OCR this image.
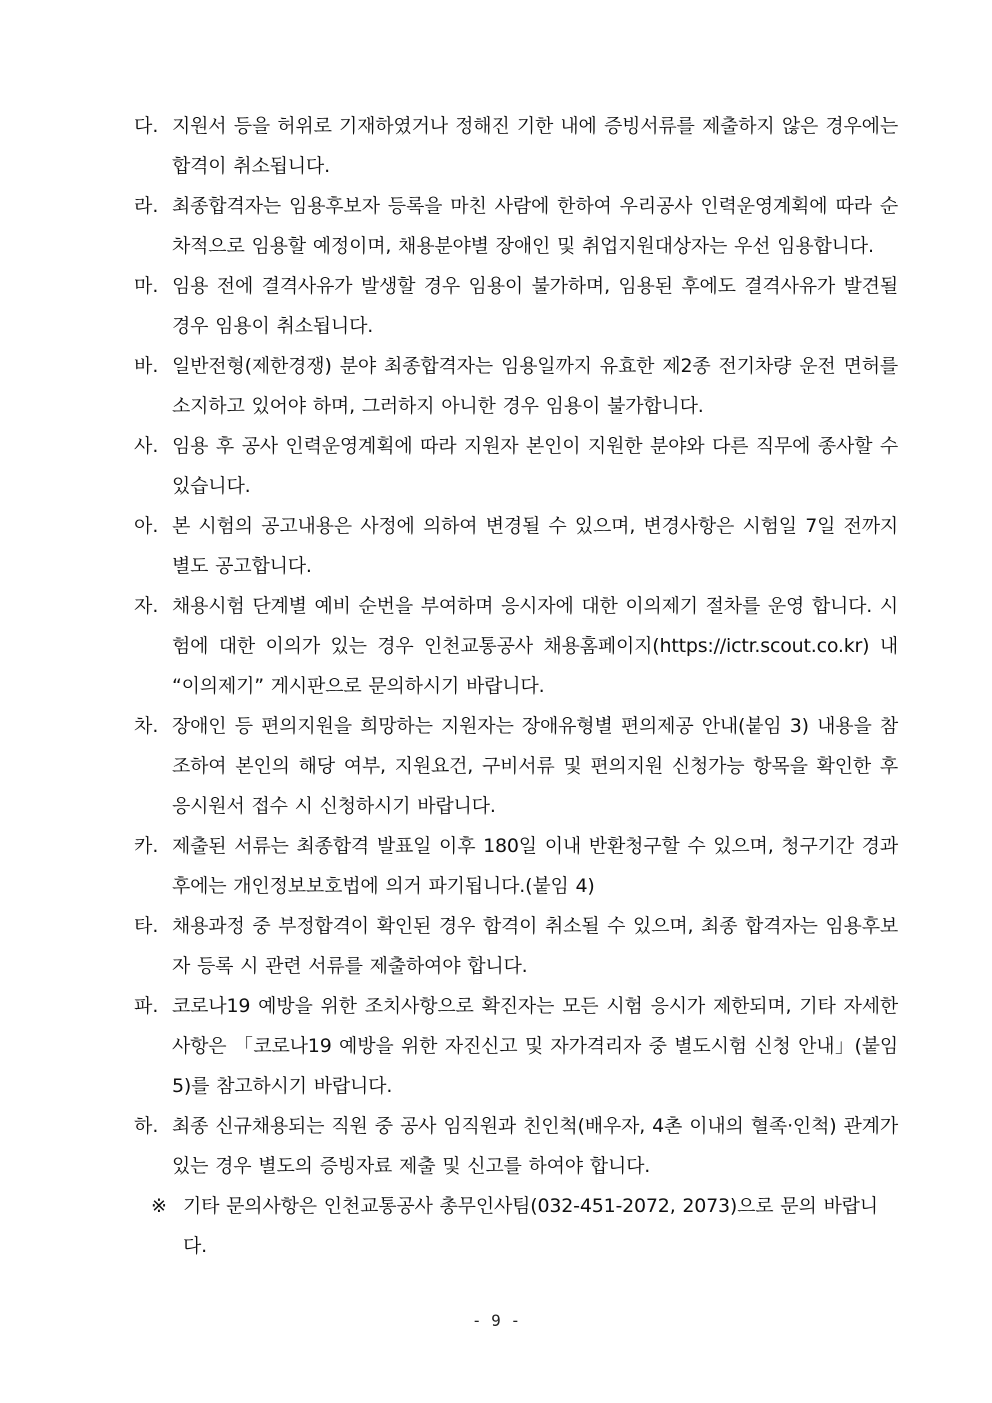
다. 지원서 등을 허위로 기재하였거나 정해진 기한 내에 증빙서류를 제출하지 않은 경우에는 합격이 취소됩니다.
라. 최종합격자는 임용후보자 등록을 마친 사람에 한하여 우리공사 인력운영계획에 따라 순차적으로 임용할 예정이며, 채용분야별 장애인 및 취업지원대상자는 우선 임용합니다.
마. 임용 전에 결격사유가 발생할 경우 임용이 불가하며, 임용된 후에도 결격사유가 발견될 경우 임용이 취소됩니다.
바. 일반전형(제한경쟁) 분야 최종합격자는 임용일까지 유효한 제2종 전기차량 운전 면허를 소지하고 있어야 하며, 그러하지 아니한 경우 임용이 불가합니다.
사. 임용 후 공사 인력운영계획에 따라 지원자 본인이 지원한 분야와 다른 직무에 종사할 수 있습니다.
아. 본 시험의 공고내용은 사정에 의하여 변경될 수 있으며, 변경사항은 시험일 7일 전까지 별도 공고합니다.
자. 채용시험 단계별 예비 순번을 부여하며 응시자에 대한 이의제기 절차를 운영 합니다. 시험에 대한 이의가 있는 경우 인천교통공사 채용홈페이지(https://ictr.scout.co.kr) 내 “이의제기” 게시판으로 문의하시기 바랍니다.
차. 장애인 등 편의지원을 희망하는 지원자는 장애유형별 편의제공 안내(붙임 3) 내용을 참조하여 본인의 해당 여부, 지원요건, 구비서류 및 편의지원 신청가능 항목을 확인한 후 응시원서 접수 시 신청하시기 바랍니다.
카. 제출된 서류는 최종합격 발표일 이후 180일 이내 반환청구할 수 있으며, 청구기간 경과 후에는 개인정보보호법에 의거 파기됩니다.(붙임 4)
타. 채용과정 중 부정합격이 확인된 경우 합격이 취소될 수 있으며, 최종 합격자는 임용후보자 등록 시 관련 서류를 제출하여야 합니다.
파. 코로나19 예방을 위한 조치사항으로 확진자는 모든 시험 응시가 제한되며, 기타 자세한 사항은 「코로나19 예방을 위한 자진신고 및 자가격리자 중 별도시험 신청 안내」(붙임 5)를 참고하시기 바랍니다.
하. 최종 신규채용되는 직원 중 공사 임직원과 친인척(배우자, 4촌 이내의 혈족·인척) 관계가 있는 경우 별도의 증빙자료 제출 및 신고를 하여야 합니다.
※ 기타 문의사항은 인천교통공사 총무인사팀(032-451-2072, 2073)으로 문의 바랍니다.
- 9 -
